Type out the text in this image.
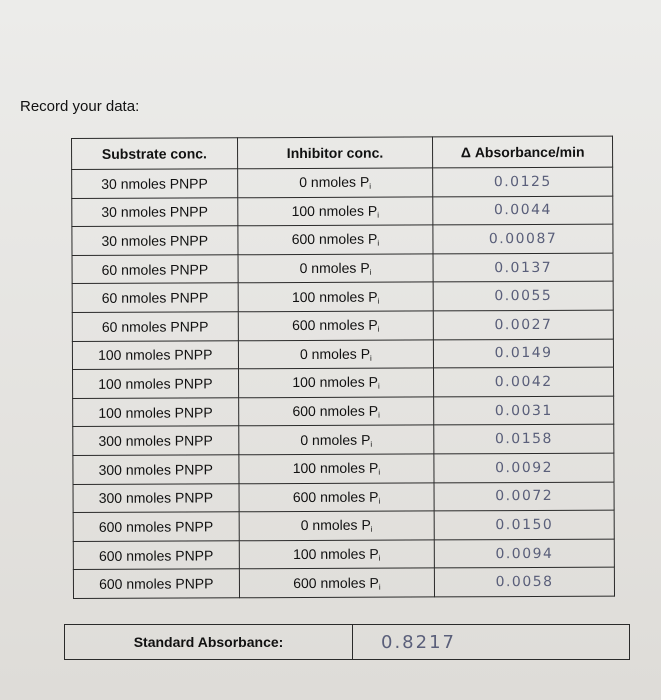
Record your data:
Substrate conc.	Inhibitor conc.	Δ Absorbance/min
30 nmoles PNPP	0 nmoles $P_i$	0.0125
30 nmoles PNPP	100 nmoles $P_i$	0.0044
30 nmoles PNPP	600 nmoles $P_i$	0.00087
60 nmoles PNPP	0 nmoles $P_i$	0.0137
60 nmoles PNPP	100 nmoles $P_i$	0.0055
60 nmoles PNPP	600 nmoles $P_i$	0.0027
100 nmoles PNPP	0 nmoles $P_i$	0.0149
100 nmoles PNPP	100 nmoles $P_i$	0.0042
100 nmoles PNPP	600 nmoles $P_i$	0.0031
300 nmoles PNPP	0 nmoles $P_i$	0.0158
300 nmoles PNPP	100 nmoles $P_i$	0.0092
300 nmoles PNPP	600 nmoles $P_i$	0.0072
600 nmoles PNPP	0 nmoles $P_i$	0.0150
600 nmoles PNPP	100 nmoles $P_i$	0.0094
600 nmoles PNPP	600 nmoles $P_i$	0.0058
Standard Absorbance:	0.8217
